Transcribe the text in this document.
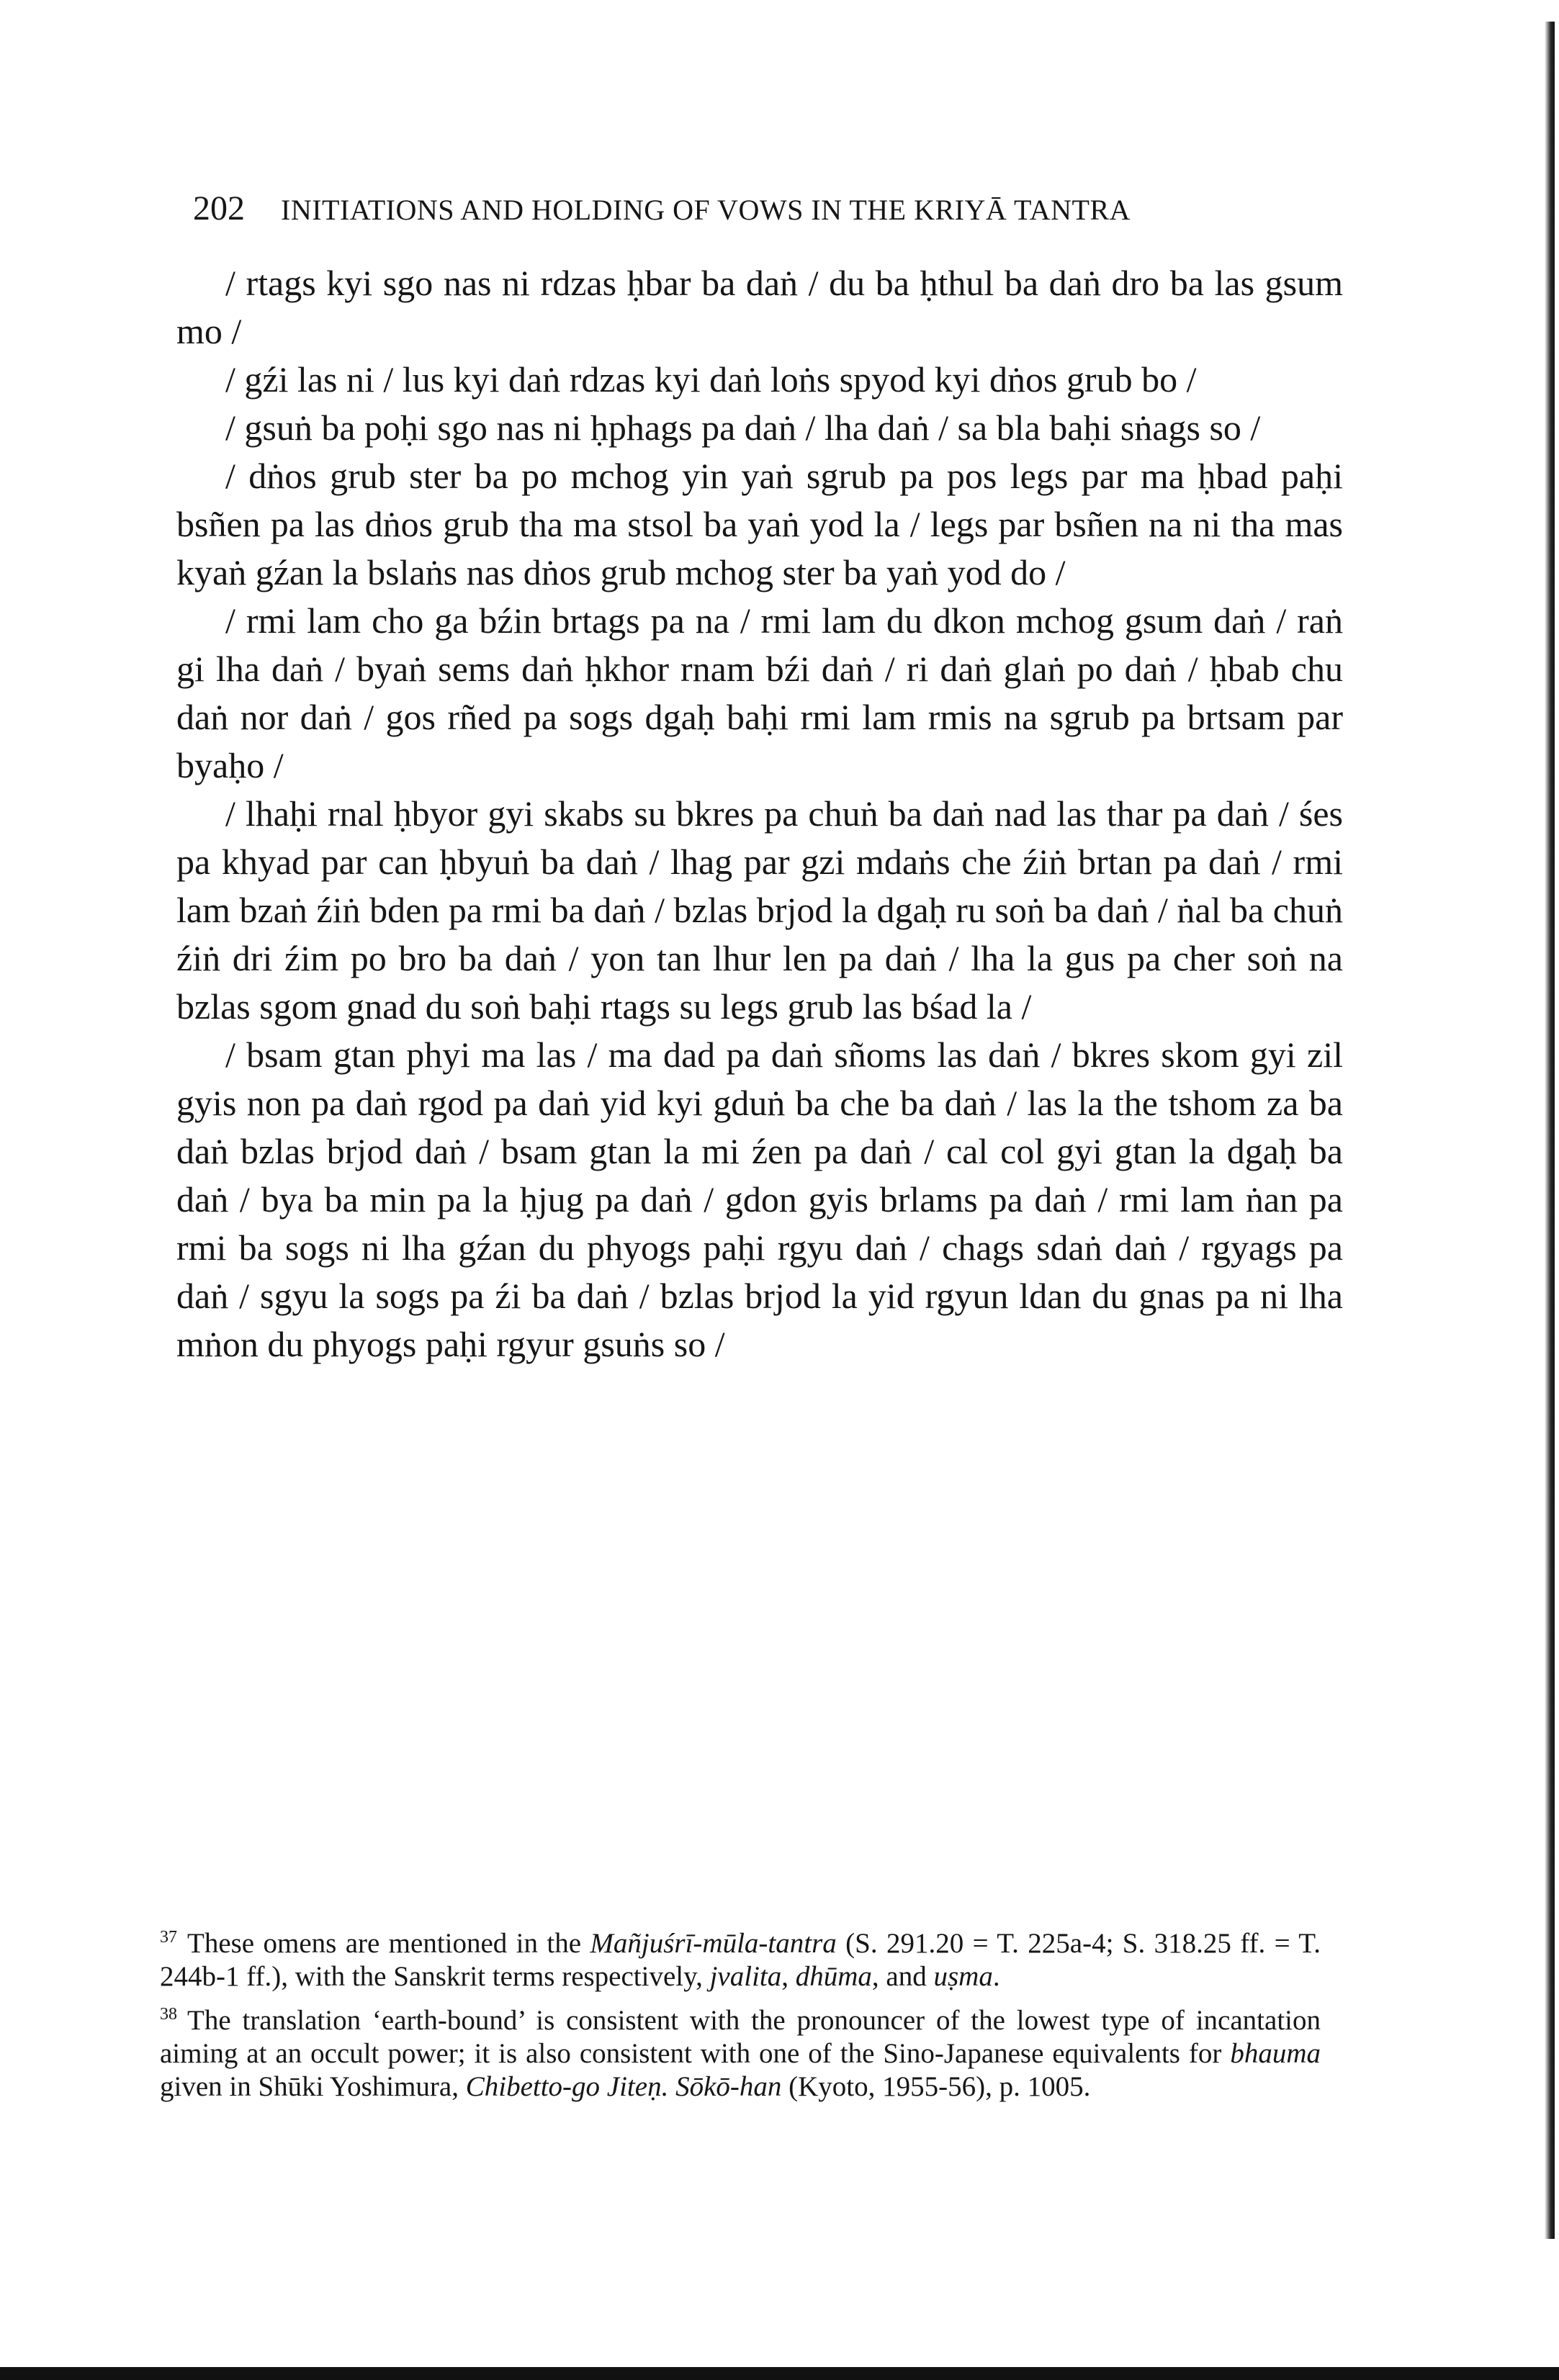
202 INITIATIONS AND HOLDING OF VOWS IN THE KRIYĀ TANTRA

/ rtags kyi sgo nas ni rdzas ḥbar ba daṅ / du ba ḥthul ba daṅ dro ba las gsum mo /

/ gźi las ni / lus kyi daṅ rdzas kyi daṅ loṅs spyod kyi dṅos grub bo /

/ gsuṅ ba poḥi sgo nas ni ḥphags pa daṅ / lha daṅ / sa bla baḥi sṅags so /

/ dṅos grub ster ba po mchog yin yaṅ sgrub pa pos legs par ma ḥbad paḥi bsñen pa las dṅos grub tha ma stsol ba yaṅ yod la / legs par bsñen na ni tha mas kyaṅ gźan la bslaṅs nas dṅos grub mchog ster ba yaṅ yod do /

/ rmi lam cho ga bźin brtags pa na / rmi lam du dkon mchog gsum daṅ / raṅ gi lha daṅ / byaṅ sems daṅ ḥkhor rnam bźi daṅ / ri daṅ glaṅ po daṅ / ḥbab chu daṅ nor daṅ / gos rñed pa sogs dgaḥ baḥi rmi lam rmis na sgrub pa brtsam par byaḥo /

/ lhaḥi rnal ḥbyor gyi skabs su bkres pa chuṅ ba daṅ nad las thar pa daṅ / śes pa khyad par can ḥbyuṅ ba daṅ / lhag par gzi mdaṅs che źiṅ brtan pa daṅ / rmi lam bzaṅ źiṅ bden pa rmi ba daṅ / bzlas brjod la dgaḥ ru soṅ ba daṅ / ṅal ba chuṅ źiṅ dri źim po bro ba daṅ / yon tan lhur len pa daṅ / lha la gus pa cher soṅ na bzlas sgom gnad du soṅ baḥi rtags su legs grub las bśad la /

/ bsam gtan phyi ma las / ma dad pa daṅ sñoms las daṅ / bkres skom gyi zil gyis non pa daṅ rgod pa daṅ yid kyi gduṅ ba che ba daṅ / las la the tshom za ba daṅ bzlas brjod daṅ / bsam gtan la mi źen pa daṅ / cal col gyi gtan la dgaḥ ba daṅ / bya ba min pa la ḥjug pa daṅ / gdon gyis brlams pa daṅ / rmi lam ṅan pa rmi ba sogs ni lha gźan du phyogs paḥi rgyu daṅ / chags sdaṅ daṅ / rgyags pa daṅ / sgyu la sogs pa źi ba daṅ / bzlas brjod la yid rgyun ldan du gnas pa ni lha mṅon du phyogs paḥi rgyur gsuṅs so /

$^{37}$ These omens are mentioned in the Mañjuśrī-mūla-tantra (S. 291.20 = T. 225a-4; S. 318.25 ff. = T. 244b-1 ff.), with the Sanskrit terms respectively, jvalita, dhūma, and uṣma.

$^{38}$ The translation ‘earth-bound’ is consistent with the pronouncer of the lowest type of incantation aiming at an occult power; it is also consistent with one of the Sino-Japanese equivalents for bhauma given in Shūki Yoshimura, Chibetto-go Jiteṇ. Sōkō-han (Kyoto, 1955-56), p. 1005.
